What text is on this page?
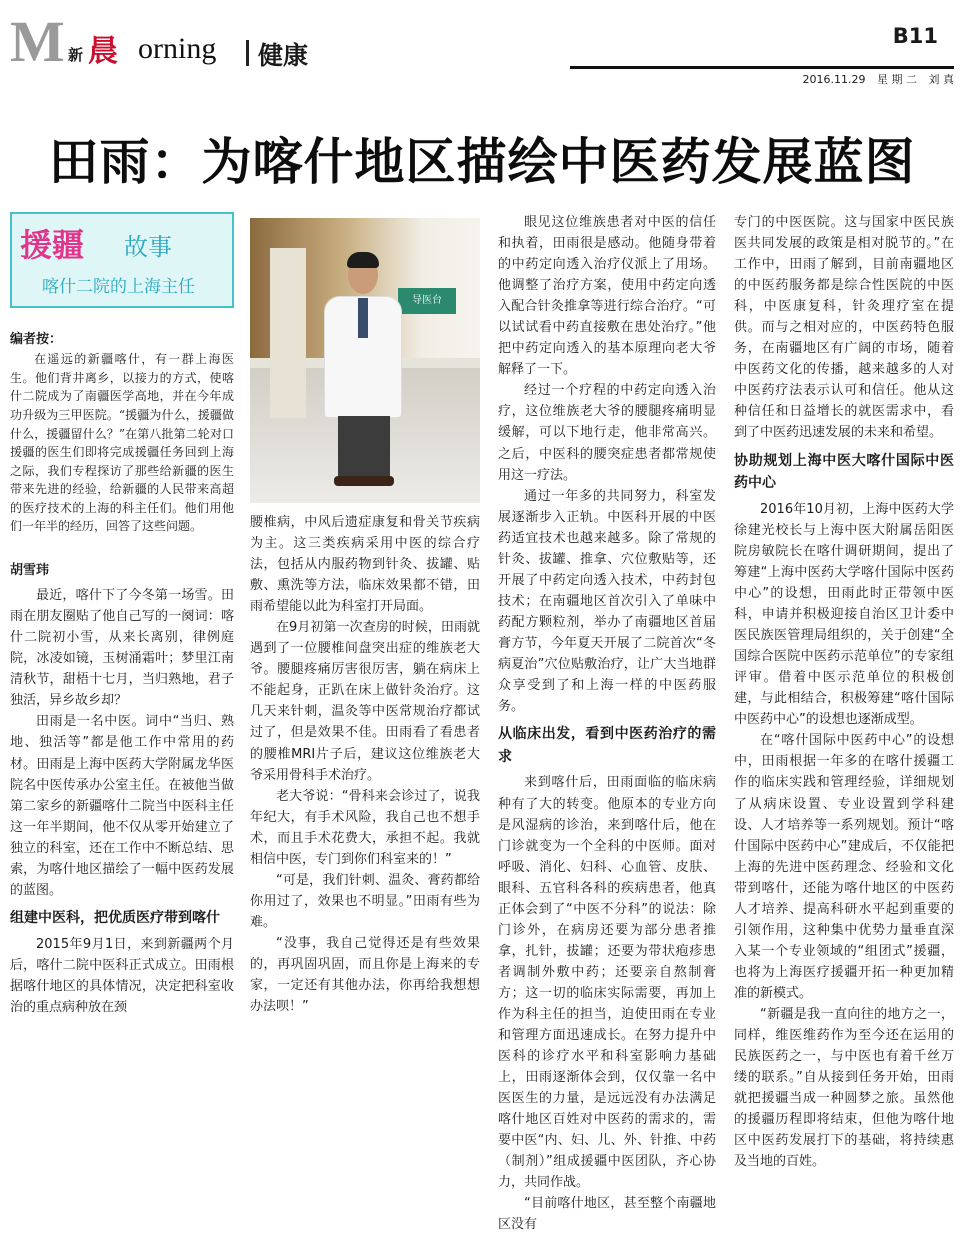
M 新 晨 orning 健康
B11
2016.11.29 星 期 二 刘 真
田雨：为喀什地区描绘中医药发展蓝图
援疆 故事
喀什二院的上海主任
编者按：

在遥远的新疆喀什，有一群上海医生。他们背井离乡，以接力的方式，使喀什二院成为了南疆医学高地，并在今年成功升级为三甲医院。“援疆为什么，援疆做什么，援疆留什么？”在第八批第二轮对口援疆的医生们即将完成援疆任务回到上海之际，我们专程探访了那些给新疆的医生带来先进的经验，给新疆的人民带来高超的医疗技术的上海的科主任们。他们用他们一年半的经历，回答了这些问题。

胡雪玮

最近，喀什下了今冬第一场雪。田雨在朋友圈贴了他自己写的一阕词：喀什二院初小雪，从来长离别，律例庭院，冰凌如镜，玉树涌霜叶；梦里江南清秋节，甜梧十七月，当归熟地，君子独活，异乡故乡却？

田雨是一名中医。词中“当归、熟地、独活等”都是他工作中常用的药材。田雨是上海中医药大学附属龙华医院名中医传承办公室主任。在被他当做第二家乡的新疆喀什二院当中医科主任这一年半期间，他不仅从零开始建立了独立的科室，还在工作中不断总结、思索，为喀什地区描绘了一幅中医药发展的蓝图。

组建中医科，把优质医疗带到喀什

2015年9月1日，来到新疆两个月后，喀什二院中医科正式成立。田雨根据喀什地区的具体情况，决定把科室收治的重点病种放在颈

导医台

腰椎病，中风后遗症康复和骨关节疾病为主。这三类疾病采用中医的综合疗法，包括从内服药物到针灸、拔罐、贴敷、熏洗等方法，临床效果都不错，田雨希望能以此为科室打开局面。

在9月初第一次查房的时候，田雨就遇到了一位腰椎间盘突出症的维族老大爷。腰腿疼痛厉害很厉害，躺在病床上不能起身，正趴在床上做针灸治疗。这几天来针刺，温灸等中医常规治疗都试过了，但是效果不佳。田雨看了看患者的腰椎MRI片子后，建议这位维族老大爷采用骨科手术治疗。

老大爷说：“骨科来会诊过了，说我年纪大，有手术风险，我自己也不想手术，而且手术花费大，承担不起。我就相信中医，专门到你们科室来的！”

“可是，我们针刺、温灸、膏药都给你用过了，效果也不明显。”田雨有些为难。

“没事，我自己觉得还是有些效果的，再巩固巩固，而且你是上海来的专家，一定还有其他办法，你再给我想想办法呗！”

眼见这位维族患者对中医的信任和执着，田雨很是感动。他随身带着的中药定向透入治疗仪派上了用场。他调整了治疗方案，使用中药定向透入配合针灸推拿等进行综合治疗。“可以试试看中药直接敷在患处治疗。”他把中药定向透入的基本原理向老大爷解释了一下。

经过一个疗程的中药定向透入治疗，这位维族老大爷的腰腿疼痛明显缓解，可以下地行走，他非常高兴。之后，中医科的腰突症患者都常规使用这一疗法。

通过一年多的共同努力，科室发展逐渐步入正轨。中医科开展的中医药适宜技术也越来越多。除了常规的针灸、拔罐、推拿、穴位敷贴等，还开展了中药定向透入技术，中药封包技术；在南疆地区首次引入了单味中药配方颗粒剂，举办了南疆地区首届膏方节，今年夏天开展了二院首次“冬病夏治”穴位贴敷治疗，让广大当地群众享受到了和上海一样的中医药服务。

从临床出发，看到中医药治疗的需求

来到喀什后，田雨面临的临床病种有了大的转变。他原本的专业方向是风湿病的诊治，来到喀什后，他在门诊就变为一个全科的中医师。面对呼吸、消化、妇科、心血管、皮肤、眼科、五官科各科的疾病患者，他真正体会到了“中医不分科”的说法：除门诊外，在病房还要为部分患者推拿，扎针，拔罐；还要为带状疱疹患者调制外敷中药；还要亲自熬制膏方；这一切的临床实际需要，再加上作为科主任的担当，迫使田雨在专业和管理方面迅速成长。在努力提升中医科的诊疗水平和科室影响力基础上，田雨逐渐体会到，仅仅靠一名中医医生的力量，是远远没有办法满足喀什地区百姓对中医药的需求的，需要中医“内、妇、儿、外、针推、中药（制剂）”组成援疆中医团队，齐心协力，共同作战。

“目前喀什地区，甚至整个南疆地区没有

专门的中医医院。这与国家中医民族医共同发展的政策是相对脱节的。”在工作中，田雨了解到，目前南疆地区的中医药服务都是综合性医院的中医科，中医康复科，针灸理疗室在提供。而与之相对应的，中医药特色服务，在南疆地区有广阔的市场，随着中医药文化的传播，越来越多的人对中医药疗法表示认可和信任。他从这种信任和日益增长的就医需求中，看到了中医药迅速发展的未来和希望。

协助规划上海中医大喀什国际中医药中心

2016年10月初，上海中医药大学徐建光校长与上海中医大附属岳阳医院房敏院长在喀什调研期间，提出了筹建“上海中医药大学喀什国际中医药中心”的设想，田雨此时正带领中医科，申请并积极迎接自治区卫计委中医民族医管理局组织的，关于创建“全国综合医院中医药示范单位”的专家组评审。借着中医示范单位的积极创建，与此相结合，积极筹建“喀什国际中医药中心”的设想也逐渐成型。

在“喀什国际中医药中心”的设想中，田雨根据一年多的在喀什援疆工作的临床实践和管理经验，详细规划了从病床设置、专业设置到学科建设、人才培养等一系列规划。预计“喀什国际中医药中心”建成后，不仅能把上海的先进中医药理念、经验和文化带到喀什，还能为喀什地区的中医药人才培养、提高科研水平起到重要的引领作用，这种集中优势力量垂直深入某一个专业领域的“组团式”援疆，也将为上海医疗援疆开拓一种更加精准的新模式。

“新疆是我一直向往的地方之一，同样，维医维药作为至今还在运用的民族医药之一，与中医也有着千丝万缕的联系。”自从接到任务开始，田雨就把援疆当成一种圆梦之旅。虽然他的援疆历程即将结束，但他为喀什地区中医药发展打下的基础，将持续惠及当地的百姓。
